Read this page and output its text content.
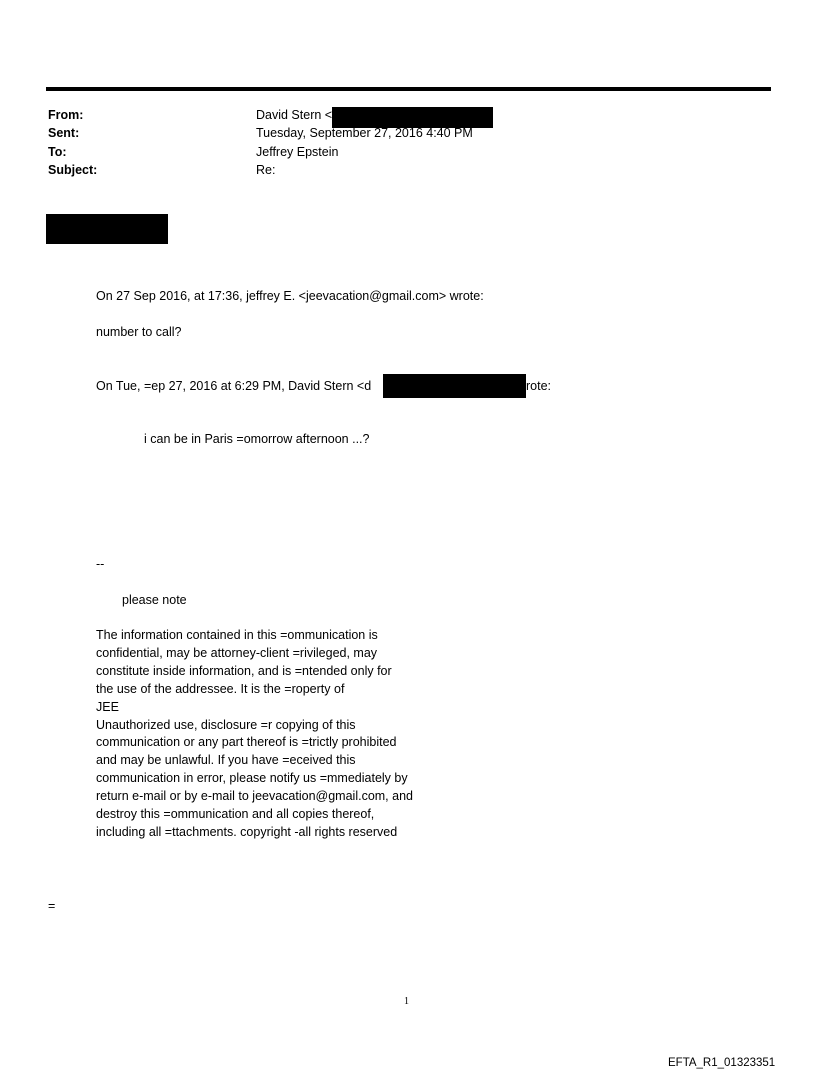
From:	David Stern <
Sent:	Tuesday, September 27, 2016 4:40 PM
To:	Jeffrey Epstein
Subject:	Re:
On 27 Sep 2016, at 17:36, jeffrey E. <jeevacation@gmail.com> wrote:
number to call?
On Tue, =ep 27, 2016 at 6:29 PM, David Stern <d	rote:
i can be in Paris =omorrow afternoon ...?
--
please note
The information contained in this =ommunication is
confidential, may be attorney-client =rivileged, may
constitute inside information, and is =ntended only for
the use of the addressee. It is the =roperty of
JEE
Unauthorized use, disclosure =r copying of this
communication or any part thereof is =trictly prohibited
and may be unlawful. If you have =eceived this
communication in error, please notify us =mmediately by
return e-mail or by e-mail to jeevacation@gmail.com, and
destroy this =ommunication and all copies thereof,
including all =ttachments. copyright -all rights reserved
=
1
EFTA_R1_01323351
